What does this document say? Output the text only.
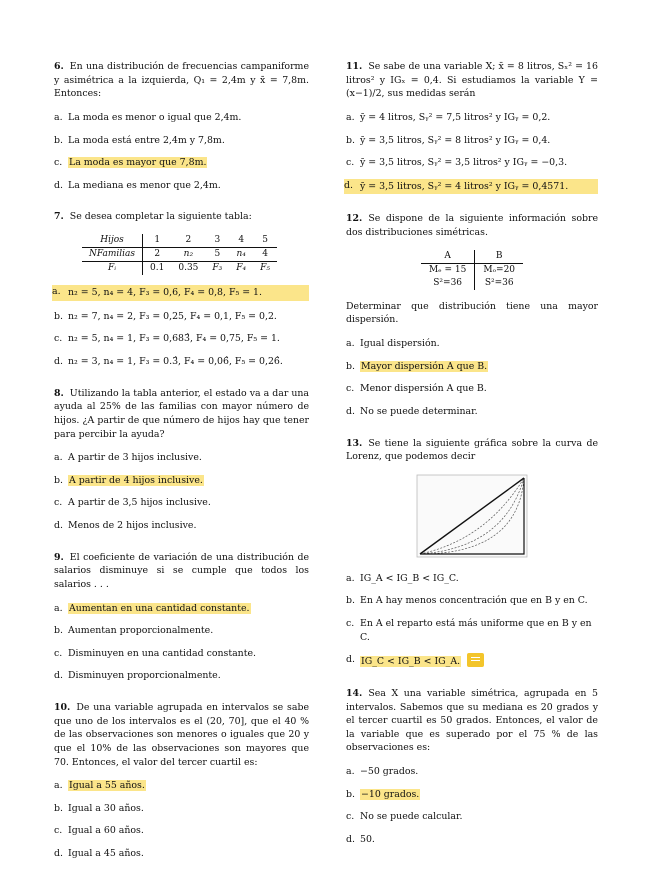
6. En una distribución de frecuencias campaniforme y asimétrica a la izquierda, Q₁ = 2,4m y x̄ = 7,8m. Entonces:
a. La moda es menor o igual que 2,4m.
b. La moda está entre 2,4m y 7,8m.
c. La moda es mayor que 7,8m.
d. La mediana es menor que 2,4m.
7. Se desea completar la siguiente tabla:
Hijos	1	2	3	4	5
NFamilias	2	n₂	5	n₄	4
Fᵢ	0.1	0.35	F₃	F₄	F₅
a. n₂ = 5, n₄ = 4, F₃ = 0,6, F₄ = 0,8, F₅ = 1.
b. n₂ = 7, n₄ = 2, F₃ = 0,25, F₄ = 0,1, F₅ = 0,2.
c. n₂ = 5, n₄ = 1, F₃ = 0,683̂, F₄ = 0,75, F₅ = 1.
d. n₂ = 3, n₄ = 1, F₃ = 0.3̂, F₄ = 0,06̂, F₅ = 0,26̂.
8. Utilizando la tabla anterior, el estado va a dar una ayuda al 25% de las familias con mayor número de hijos. ¿A partir de que número de hijos hay que tener para percibir la ayuda?
a. A partir de 3 hijos inclusive.
b. A partir de 4 hijos inclusive.
c. A partir de 3,5 hijos inclusive.
d. Menos de 2 hijos inclusive.
9. El coeficiente de variación de una distribución de salarios disminuye si se cumple que todos los salarios . . .
a. Aumentan en una cantidad constante.
b. Aumentan proporcionalmente.
c. Disminuyen en una cantidad constante.
d. Disminuyen proporcionalmente.
10. De una variable agrupada en intervalos se sabe que uno de los intervalos es el (20, 70], que el 40 % de las observaciones son menores o iguales que 20 y que el 10% de las observaciones son mayores que 70. Entonces, el valor del tercer cuartil es:
a. Igual a 55 años.
b. Igual a 30 años.
c. Igual a 60 años.
d. Igual a 45 años.
11. Se sabe de una variable X; x̄ = 8 litros, Sₓ² = 16 litros² y IGₓ = 0,4. Si estudiamos la variable Y = (x−1)/2, sus medidas serán
a. ȳ = 4 litros, Sᵧ² = 7,5 litros² y IGᵧ = 0,2.
b. ȳ = 3,5 litros, Sᵧ² = 8 litros² y IGᵧ = 0,4.
c. ȳ = 3,5 litros, Sᵧ² = 3,5 litros² y IGᵧ = −0,3.
d. ȳ = 3,5 litros, Sᵧ² = 4 litros² y IGᵧ = 0,4571.
12. Se dispone de la siguiente información sobre dos distribuciones simétricas.
A	B
Mₑ = 15	Mₒ=20
S²=36	S²=36
Determinar que distribución tiene una mayor dispersión.
a. Igual dispersión.
b. Mayor dispersión A que B.
c. Menor dispersión A que B.
d. No se puede determinar.
13. Se tiene la siguiente gráfica sobre la curva de Lorenz, que podemos decir
a. IG_A < IG_B < IG_C.
b. En A hay menos concentración que en B y en C.
c. En A el reparto está más uniforme que en B y en C.
d. IG_C < IG_B < IG_A.
14. Sea X una variable simétrica, agrupada en 5 intervalos. Sabemos que su mediana es 20 grados y el tercer cuartil es 50 grados. Entonces, el valor de la variable que es superado por el 75 % de las observaciones es:
a. −50 grados.
b. −10 grados.
c. No se puede calcular.
d. 50.
